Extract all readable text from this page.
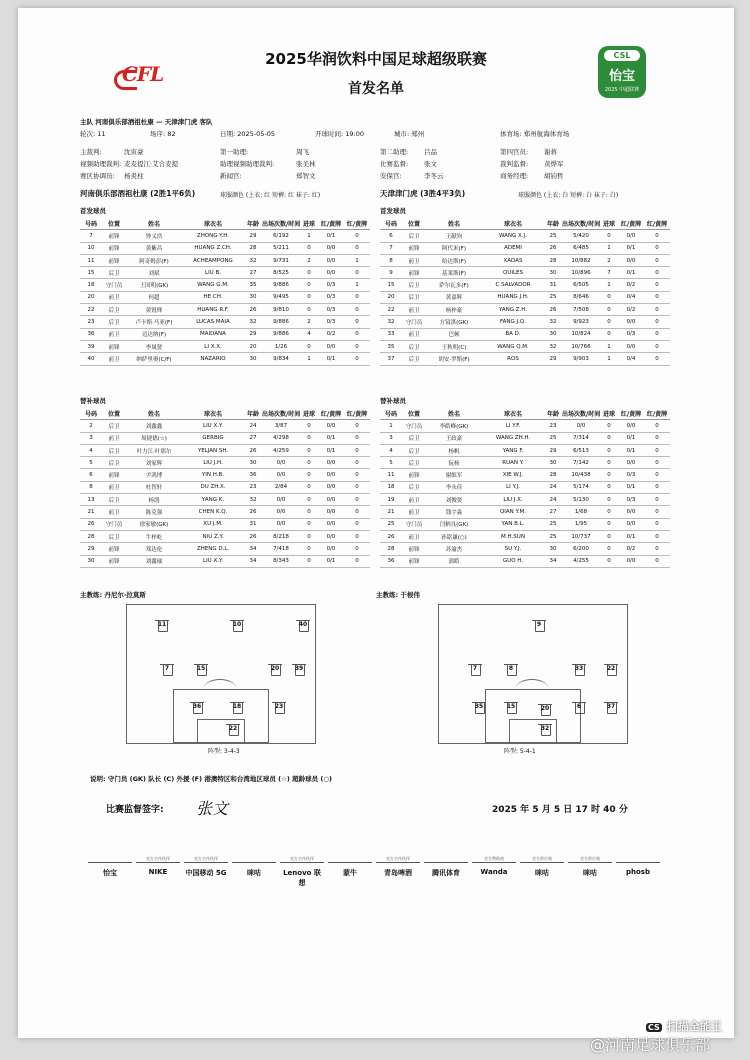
CFL
2025华润饮料中国足球超级联赛
首发名单
CSL
怡宝
2025 中超联赛
主队 河南俱乐部酒祖杜康 — 天津津门虎 客队
轮次: 11	场序: 82	日期: 2025-05-05	开球时间: 19:00	城市: 郑州	体育场: 郑州航海体育场
主裁判:	沈寅豪	第一助理:	周飞	第二助理: 吕品	第四官员: 谢蒋
视频助理裁判: 麦麦提江·艾合麦提	助理视频助理裁判:	张美林	比赛监督: 张文	裁判监督: 黄烨军
赛区协调员: 杨炎柱	新闻官:	郑智文	安保官:	李冬云	商务经理: 胡钧哲
河南俱乐部酒祖杜康 (2胜1平6负)	球服颜色 (上衣: 红 短裤: 红 袜子: 红)	天津津门虎 (3胜4平3负)	球服颜色 (上衣: 白 短裤: 白 袜子: 白)
首发球员	首发球员
号码	位置	姓名	球衣名	年龄	出场次数/时间	进球	红/黄牌	红/黄牌
7	前锋	钟义浩	ZHONG Y.H.	29	6/192	1	0/1	0
10	前锋	黄紫昌	HUANG Z.CH.	28	5/211	0	0/0	0
11	前锋	阿奇姆彭(F)	ACHEAMPONG	32	9/731	2	0/0	1
15	后卫	刘斌	LIU B.	27	8/525	0	0/0	0
18	守门员	王国明(GK)	WANG G.M.	35	9/886	0	0/3	1
20	前卫	何超	HE CH.	30	9/495	0	0/3	0
22	后卫	黄锐烽	HUANG R.F.	26	9/810	0	0/3	0
23	后卫	卢卡斯·马亚(F)	LUCAS MAIA	32	9/886	2	0/3	0
36	前卫	迈达纳(F)	MAIDANA	29	9/886	4	0/2	0
39	前锋	李晟贤	LI X.X.	20	1/26	0	0/0	0
40	前卫	纳萨里奥(C/F)	NAZARIO	30	9/834	1	0/1	0
号码	位置	姓名	球衣名	年龄	出场次数/时间	进球	红/黄牌	红/黄牌
6	后卫	王献钧	WANG X.J.	25	5/420	0	0/0	0
7	前锋	阿代米(F)	ADEMI	26	6/485	1	0/1	0
8	前卫	哈达斯(F)	XADAS	28	10/882	2	0/0	0
9	前锋	基莱斯(F)	QUILES	30	10/896	7	0/1	0
15	后卫	萨尔瓦多(F)	C.SALVADOR	31	6/505	1	0/2	0
20	后卫	黄嘉辉	HUANG J.H.	25	8/646	0	0/4	0
22	前卫	杨梓豪	YANG Z.H.	26	7/508	0	0/2	0
32	守门员	方镜淇(GK)	FANG J.Q.	32	9/923	0	0/0	0
33	前卫	巴顿	BA D.	30	10/824	0	0/3	0
35	后卫	王秋明(C)	WANG Q.M.	32	10/766	1	0/0	0
37	后卫	胡安·罗斯(F)	ROS	29	9/903	1	0/4	0
替补球员	替补球员
号码	位置	姓名	球衣名	年龄	出场次数/时间	进球	红/黄牌	红/黄牌
2	后卫	刘鑫鑫	LIU X.Y.	24	3/87	0	0/0	0
3	前卫	周捷德(☆)	GERBIG	27	4/298	0	0/1	0
4	后卫	叶力江·叶那尔	YELJAN SH.	26	4/259	0	0/1	0
5	后卫	刘家辉	LIU J.H.	30	0/0	0	0/0	0
6	前锋	尹鸿博	YIN H.B.	36	0/0	0	0/0	0
8	前卫	杜智轩	DU ZH.X.	23	2/84	0	0/0	0
13	后卫	杨凯	YANG K.	32	0/0	0	0/0	0
21	前卫	陈克强	CHEN K.Q.	26	0/0	0	0/0	0
26	守门员	徐家敏(GK)	XU J.M.	31	0/0	0	0/0	0
28	后卫	牛梓屹	NIU Z.Y.	26	8/218	0	0/0	0
29	前锋	郑达伦	ZHENG D.L.	34	7/418	0	0/0	0
30	前锋	刘鑫瑜	LIU X.Y.	34	8/343	0	0/1	0
号码	位置	姓名	球衣名	年龄	出场次数/时间	进球	红/黄牌	红/黄牌
1	守门员	李皓峰(GK)	LI Y.F.	23	0/0	0	0/0	0
3	后卫	王政豪	WANG ZH.H.	25	7/314	0	0/1	0
4	后卫	杨帆	YANG F.	29	6/513	0	0/1	0
5	后卫	阮杨	RUAN Y.	30	7/142	0	0/0	0
11	前锋	谢维军	XIE W.J.	28	10/438	0	0/3	0
18	后卫	李永佳	LI Y.J.	24	5/174	0	0/1	0
19	前卫	刘俊贤	LIU J.X.	24	5/130	0	0/3	0
21	前卫	钱宇淼	QIAN Y.M.	27	1/68	0	0/0	0
25	守门员	闫柄良(GK)	YAN B.L.	25	1/95	0	0/0	0
26	前卫	孙铭谦(○)	M.H.SUN	25	10/737	0	0/1	0
28	前锋	苏渝杰	SU Y.J.	30	6/200	0	0/2	0
36	前锋	郭皓	GUO H.	34	4/255	0	0/0	0
主教练: 丹尼尔·拉莫斯	主教练: 于根伟
11	10	40
7	15	20	39
36	18	23
22
阵型: 3-4-3
9
7	8	33	22
35	15	20	6	37
32
阵型: 5-4-1
说明: 守门员 (GK) 队长 (C) 外援 (F) 港澳特区和台湾地区球员 (☆) 超龄球员 (○)
比赛监督签字: 张文	2025 年 5 月 5 日 17 时 40 分
怡宝
官方合作伙伴
NIKE
官方合作伙伴
中国移动 5G	咪咕
官方合作伙伴
Lenovo 联想
蒙牛
官方合作伙伴
青岛啤酒	腾讯体育
官方赞助商
Wanda
官方供应商
咪咕
官方供应商
咪咕	phosb
@河南足球俱乐部
CS 扫描全能王
